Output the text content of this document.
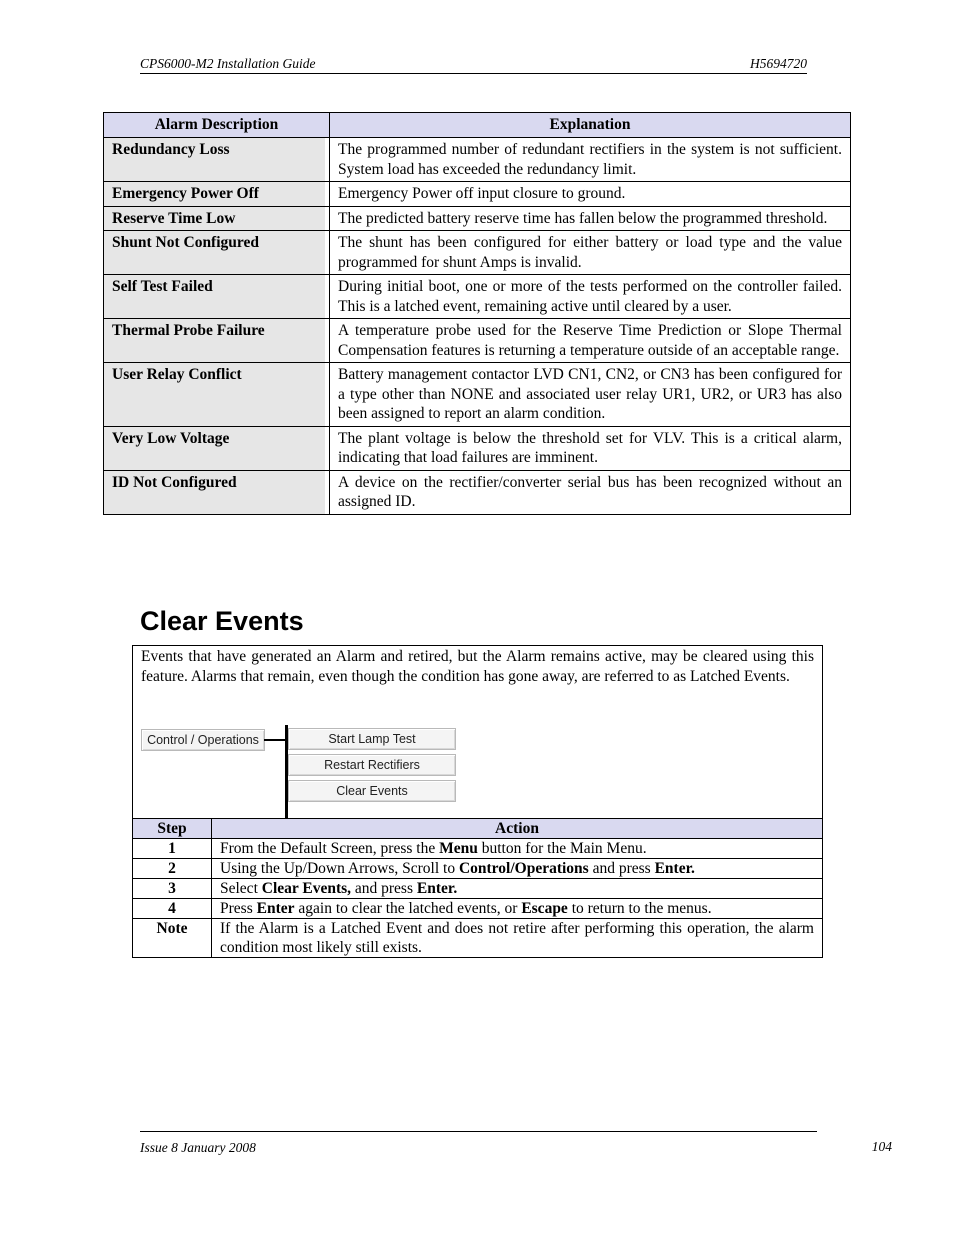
CPS6000-M2 Installation Guide	H5694720
Alarm Description	Explanation
Redundancy Loss	The programmed number of redundant rectifiers in the system is not sufficient. System load has exceeded the redundancy limit.
Emergency Power Off	Emergency Power off input closure to ground.
Reserve Time Low	The predicted battery reserve time has fallen below the programmed threshold.
Shunt Not Configured	The shunt has been configured for either battery or load type and the value programmed for shunt Amps is invalid.
Self Test Failed	During initial boot, one or more of the tests performed on the controller failed. This is a latched event, remaining active until cleared by a user.
Thermal Probe Failure	A temperature probe used for the Reserve Time Prediction or Slope Thermal Compensation features is returning a temperature outside of an acceptable range.
User Relay Conflict	Battery management contactor LVD CN1, CN2, or CN3 has been configured for a type other than NONE and associated user relay UR1, UR2, or UR3 has also been assigned to report an alarm condition.
Very Low Voltage	The plant voltage is below the threshold set for VLV. This is a critical alarm, indicating that load failures are imminent.
ID Not Configured	A device on the rectifier/converter serial bus has been recognized without an assigned ID.
Clear Events
Events that have generated an Alarm and retired, but the Alarm remains active, may be cleared using this feature. Alarms that remain, even though the condition has gone away, are referred to as Latched Events.
Control / Operations	Start Lamp Test
Restart Rectifiers
Clear Events
Step	Action
1	From the Default Screen, press the Menu button for the Main Menu.
2	Using the Up/Down Arrows, Scroll to Control/Operations and press Enter.
3	Select Clear Events, and press Enter.
4	Press Enter again to clear the latched events, or Escape to return to the menus.
Note	If the Alarm is a Latched Event and does not retire after performing this operation, the alarm condition most likely still exists.
Issue 8 January 2008	104
